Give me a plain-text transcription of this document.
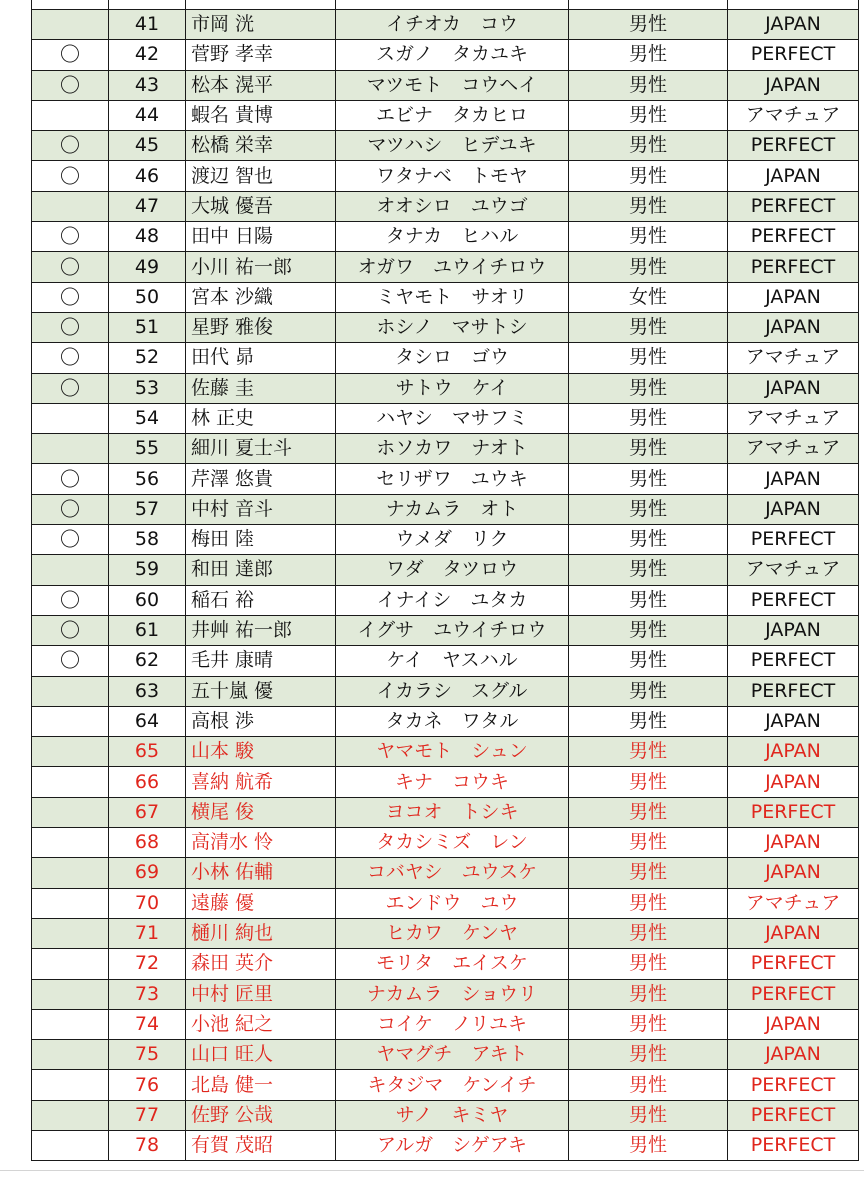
	41	市岡 洸	イチオカ　コウ	男性	JAPAN
〇	42	菅野 孝幸	スガノ　タカユキ	男性	PERFECT
〇	43	松本 滉平	マツモト　コウヘイ	男性	JAPAN
	44	蝦名 貴博	エビナ　タカヒロ	男性	アマチュア
〇	45	松橋 栄幸	マツハシ　ヒデユキ	男性	PERFECT
〇	46	渡辺 智也	ワタナベ　トモヤ	男性	JAPAN
	47	大城 優吾	オオシロ　ユウゴ	男性	PERFECT
〇	48	田中 日陽	タナカ　ヒハル	男性	PERFECT
〇	49	小川 祐一郎	オガワ　ユウイチロウ	男性	PERFECT
〇	50	宮本 沙織	ミヤモト　サオリ	女性	JAPAN
〇	51	星野 雅俊	ホシノ　マサトシ	男性	JAPAN
〇	52	田代 昴	タシロ　ゴウ	男性	アマチュア
〇	53	佐藤 圭	サトウ　ケイ	男性	JAPAN
	54	林 正史	ハヤシ　マサフミ	男性	アマチュア
	55	細川 夏士斗	ホソカワ　ナオト	男性	アマチュア
〇	56	芹澤 悠貴	セリザワ　ユウキ	男性	JAPAN
〇	57	中村 音斗	ナカムラ　オト	男性	JAPAN
〇	58	梅田 陸	ウメダ　リク	男性	PERFECT
	59	和田 達郎	ワダ　タツロウ	男性	アマチュア
〇	60	稲石 裕	イナイシ　ユタカ	男性	PERFECT
〇	61	井艸 祐一郎	イグサ　ユウイチロウ	男性	JAPAN
〇	62	毛井 康晴	ケイ　ヤスハル	男性	PERFECT
	63	五十嵐 優	イカラシ　スグル	男性	PERFECT
	64	高根 渉	タカネ　ワタル	男性	JAPAN
	65	山本 駿	ヤマモト　シュン	男性	JAPAN
	66	喜納 航希	キナ　コウキ	男性	JAPAN
	67	横尾 俊	ヨコオ　トシキ	男性	PERFECT
	68	高清水 怜	タカシミズ　レン	男性	JAPAN
	69	小林 佑輔	コバヤシ　ユウスケ	男性	JAPAN
	70	遠藤 優	エンドウ　ユウ	男性	アマチュア
	71	樋川 絢也	ヒカワ　ケンヤ	男性	JAPAN
	72	森田 英介	モリタ　エイスケ	男性	PERFECT
	73	中村 匠里	ナカムラ　ショウリ	男性	PERFECT
	74	小池 紀之	コイケ　ノリユキ	男性	JAPAN
	75	山口 旺人	ヤマグチ　アキト	男性	JAPAN
	76	北島 健一	キタジマ　ケンイチ	男性	PERFECT
	77	佐野 公哉	サノ　キミヤ	男性	PERFECT
	78	有賀 茂昭	アルガ　シゲアキ	男性	PERFECT
